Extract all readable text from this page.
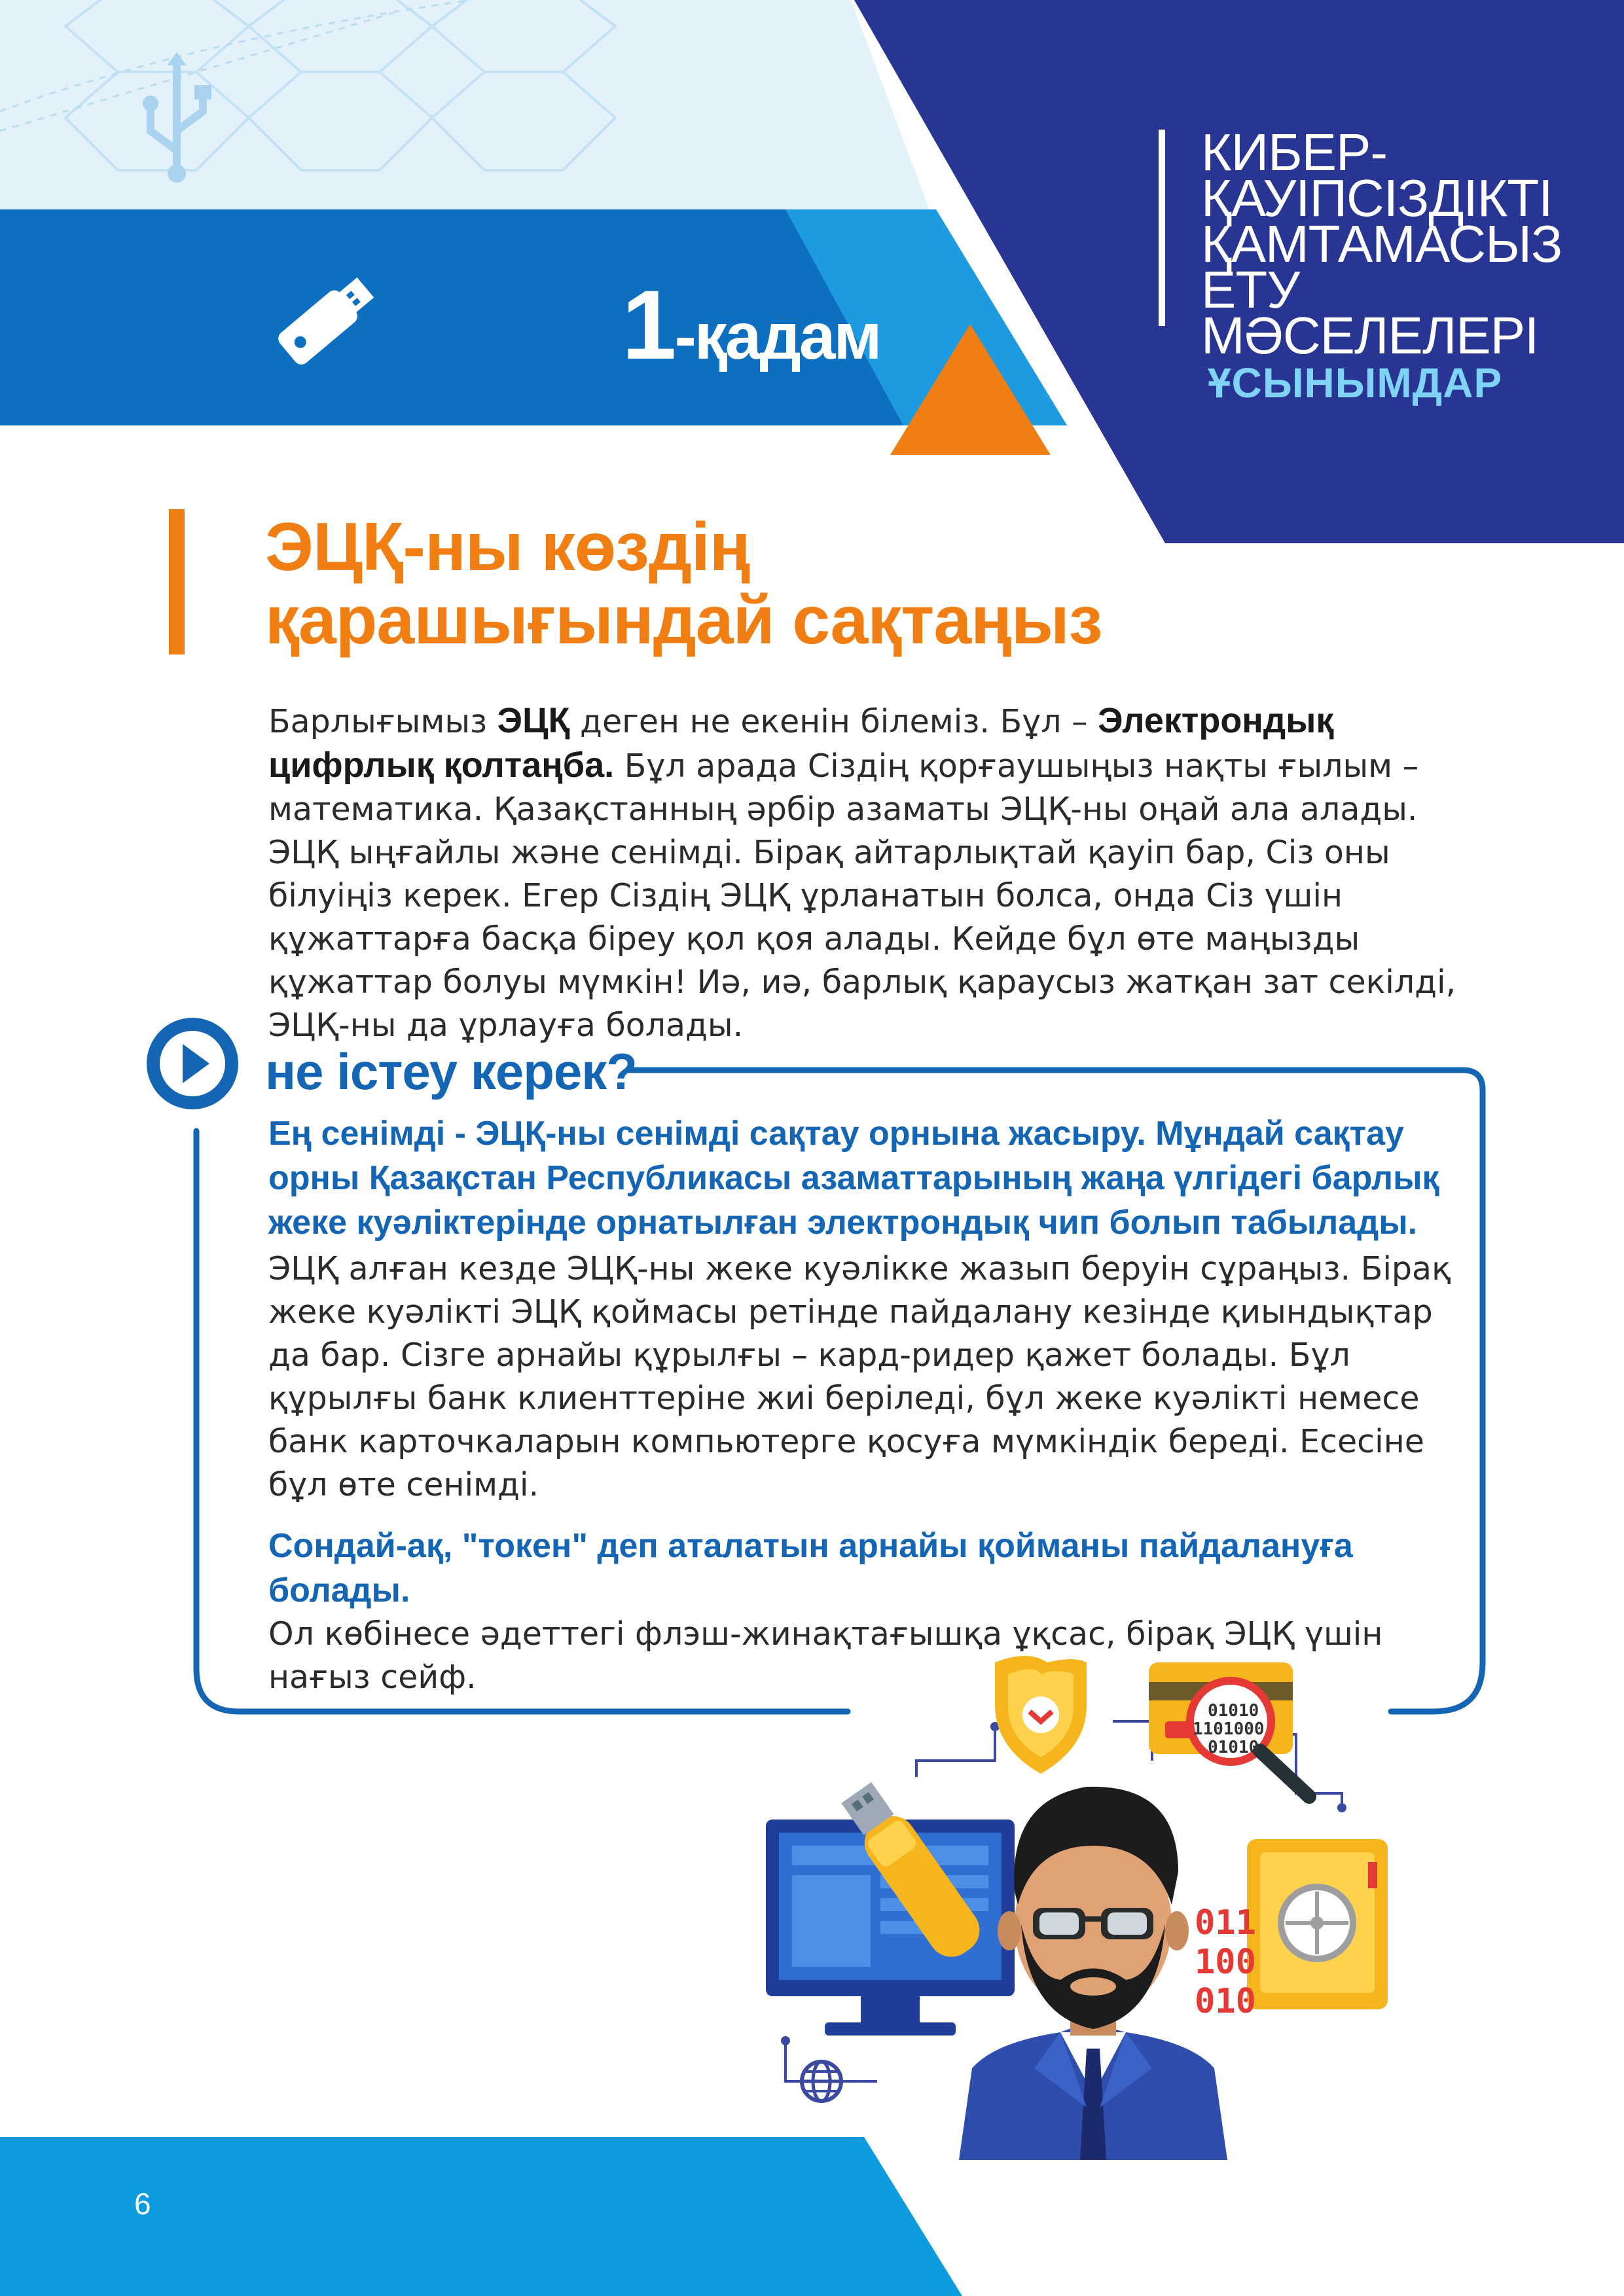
1-қадам
КИБЕР-
ҚАУІПСІЗДІКТІ
ҚАМТАМАСЫЗ
ЕТУ МӘСЕЛЕЛЕРІ
ҰСЫНЫМДАР
ЭЦҚ-ны көздің
қарашығындай сақтаңыз
Барлығымыз ЭЦҚ деген не екенін білеміз. Бұл – Электрондық цифрлық қолтаңба. Бұл арада Сіздің қорғаушыңыз нақты ғылым – математика. Қазақстанның әрбір азаматы ЭЦҚ-ны оңай ала алады. ЭЦҚ ыңғайлы және сенімді. Бірақ айтарлықтай қауіп бар, Сіз оны білуіңіз керек. Егер Сіздің ЭЦҚ ұрланатын болса, онда Сіз үшін құжаттарға басқа біреу қол қоя алады. Кейде бұл өте маңызды құжаттар болуы мүмкін! Иә, иә, барлық қараусыз жатқан зат секілді, ЭЦҚ-ны да ұрлауға болады.
не істеу керек?
Ең сенімді - ЭЦҚ-ны сенімді сақтау орнына жасыру. Мұндай сақтау орны Қазақстан Республикасы азаматтарының жаңа үлгідегі барлық жеке куәліктерінде орнатылған электрондық чип болып табылады.
ЭЦҚ алған кезде ЭЦҚ-ны жеке куәлікке жазып беруін сұраңыз. Бірақ жеке куәлікті ЭЦҚ қоймасы ретінде пайдалану кезінде қиындықтар да бар. Сізге арнайы құрылғы – кард-ридер қажет болады. Бұл құрылғы банк клиенттеріне жиі беріледі, бұл жеке куәлікті немесе банк карточкаларын компьютерге қосуға мүмкіндік береді. Есесіне бұл өте сенімді.
Сондай-ақ, "токен" деп аталатын арнайы қойманы пайдалануға болады.
Ол көбінесе әдеттегі флэш-жинақтағышқа ұқсас, бірақ ЭЦҚ үшін нағыз сейф.
01010
1101000
01010
011
100
010
6
